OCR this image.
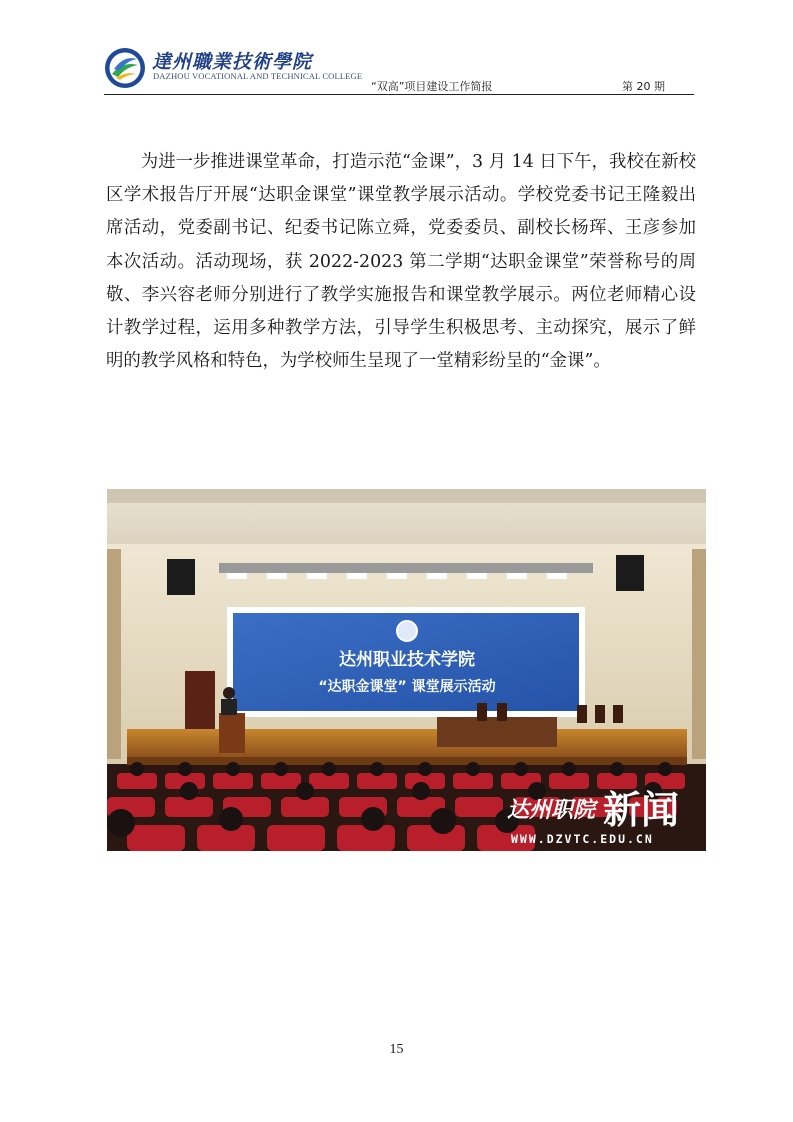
達州職業技術學院
DAZHOU VOCATIONAL AND TECHNICAL COLLEGE
“双高”项目建设工作简报	第 20 期

为进一步推进课堂革命，打造示范“金课”，3 月 14 日下午，我校在新校区学术报告厅开展“达职金课堂”课堂教学展示活动。学校党委书记王隆毅出席活动，党委副书记、纪委书记陈立舜，党委委员、副校长杨珲、王彦参加本次活动。活动现场，获 2022-2023 第二学期“达职金课堂”荣誉称号的周敬、李兴容老师分别进行了教学实施报告和课堂教学展示。两位老师精心设计教学过程，运用多种教学方法，引导学生积极思考、主动探究，展示了鲜明的教学风格和特色，为学校师生呈现了一堂精彩纷呈的“金课”。

达州职业技术学院
“达职金课堂” 课堂展示活动
达州职院 新闻
WWW.DZVTC.EDU.CN
15
